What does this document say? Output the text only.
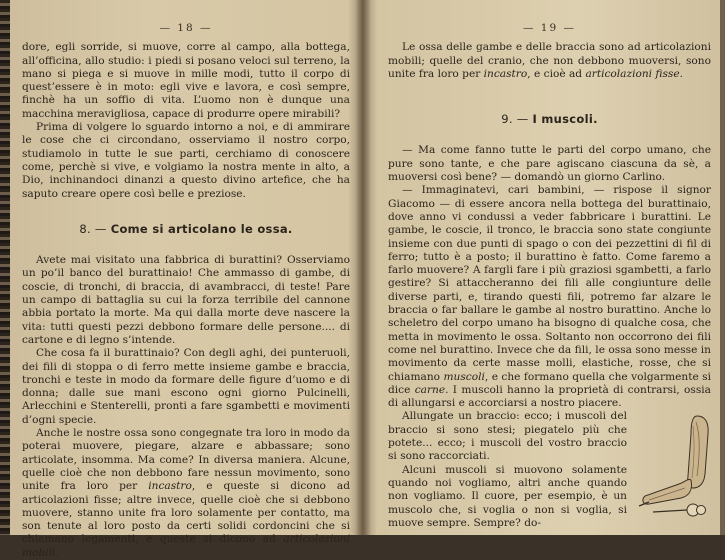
— 18 —

dore, egli sorride, si muove, corre al campo, alla bottega, all’officina, allo studio: i piedi si posano veloci sul terreno, la mano si piega e si muove in mille modi, tutto il corpo di quest’essere è in moto: egli vive e lavora, e così sempre, finchè ha un soffio di vita. L’uomo non è dunque una macchina meravigliosa, capace di produrre opere mirabili?

Prima di volgere lo sguardo intorno a noi, e di ammirare le cose che ci circondano, osserviamo il nostro corpo, studiamolo in tutte le sue parti, cerchiamo di conoscere come, perchè si vive, e volgiamo la nostra mente in alto, a Dio, inchinandoci dinanzi a questo divino artefice, che ha saputo creare opere così belle e preziose.

8. — Come si articolano le ossa.

Avete mai visitato una fabbrica di burattini? Osserviamo un po’il banco del burattinaio! Che ammasso di gambe, di coscie, di tronchi, di braccia, di avambracci, di teste! Pare un campo di battaglia su cui la forza terribile del cannone abbia portato la morte. Ma qui dalla morte deve nascere la vita: tutti questi pezzi debbono formare delle persone.... di cartone e di legno s’intende.

Che cosa fa il burattinaio? Con degli aghi, dei punteruoli, dei fili di stoppa o di ferro mette insieme gambe e braccia, tronchi e teste in modo da formare delle figure d’uomo e di donna; dalle sue mani escono ogni giorno Pulcinelli, Arlecchini e Stenterelli, pronti a fare sgambetti e movimenti d’ogni specie.

Anche le nostre ossa sono congegnate tra loro in modo da poterai muovere, piegare, alzare e abbassare; sono articolate, insomma. Ma come? In diversa maniera. Alcune, quelle cioè che non debbono fare nessun movimento, sono unite fra loro per incastro, e queste si dicono ad articolazioni fisse; altre invece, quelle cioè che si debbono muovere, stanno unite fra loro solamente per contatto, ma son tenute al loro posto da certi solidi cordoncini che si chiamano legamenti, e queste si dicono ad articolazioni mobili.

— 19 —

Le ossa delle gambe e delle braccia sono ad articolazioni mobili; quelle del cranio, che non debbono muoversi, sono unite fra loro per incastro, e cioè ad articolazioni fisse.

9. — I muscoli.

— Ma come fanno tutte le parti del corpo umano, che pure sono tante, e che pare agiscano ciascuna da sè, a muoversi così bene? — domandò un giorno Carlino.

— Immaginatevi, cari bambini, — rispose il signor Giacomo — di essere ancora nella bottega del burattinaio, dove anno vi condussi a veder fabbricare i burattini. Le gambe, le coscie, il tronco, le braccia sono state congiunte insieme con due punti di spago o con dei pezzettini di fil di ferro; tutto è a posto; il burattino è fatto. Come faremo a farlo muovere? A fargli fare i più graziosi sgambetti, a farlo gestire? Si attaccheranno dei fili alle congiunture delle diverse parti, e, tirando questi fili, potremo far alzare le braccia o far ballare le gambe al nostro burattino. Anche lo scheletro del corpo umano ha bisogno di qualche cosa, che metta in movimento le ossa. Soltanto non occorrono dei fili come nel burattino. Invece che da fili, le ossa sono messe in movimento da certe masse molli, elastiche, rosse, che si chiamano muscoli, e che formano quella che volgarmente si dice carne. I muscoli hanno la proprietà di contrarsi, ossia di allungarsi e accorciarsi a nostro piacere.

Allungate un braccio: ecco; i muscoli del braccio si sono stesi; piegatelo più che potete... ecco; i muscoli del vostro braccio si sono raccorciati.

Alcuni muscoli si muovono solamente quando noi vogliamo, altri anche quando non vogliamo. Il cuore, per esempio, è un muscolo che, si voglia o non si voglia, si muove sempre. Sempre? do-
